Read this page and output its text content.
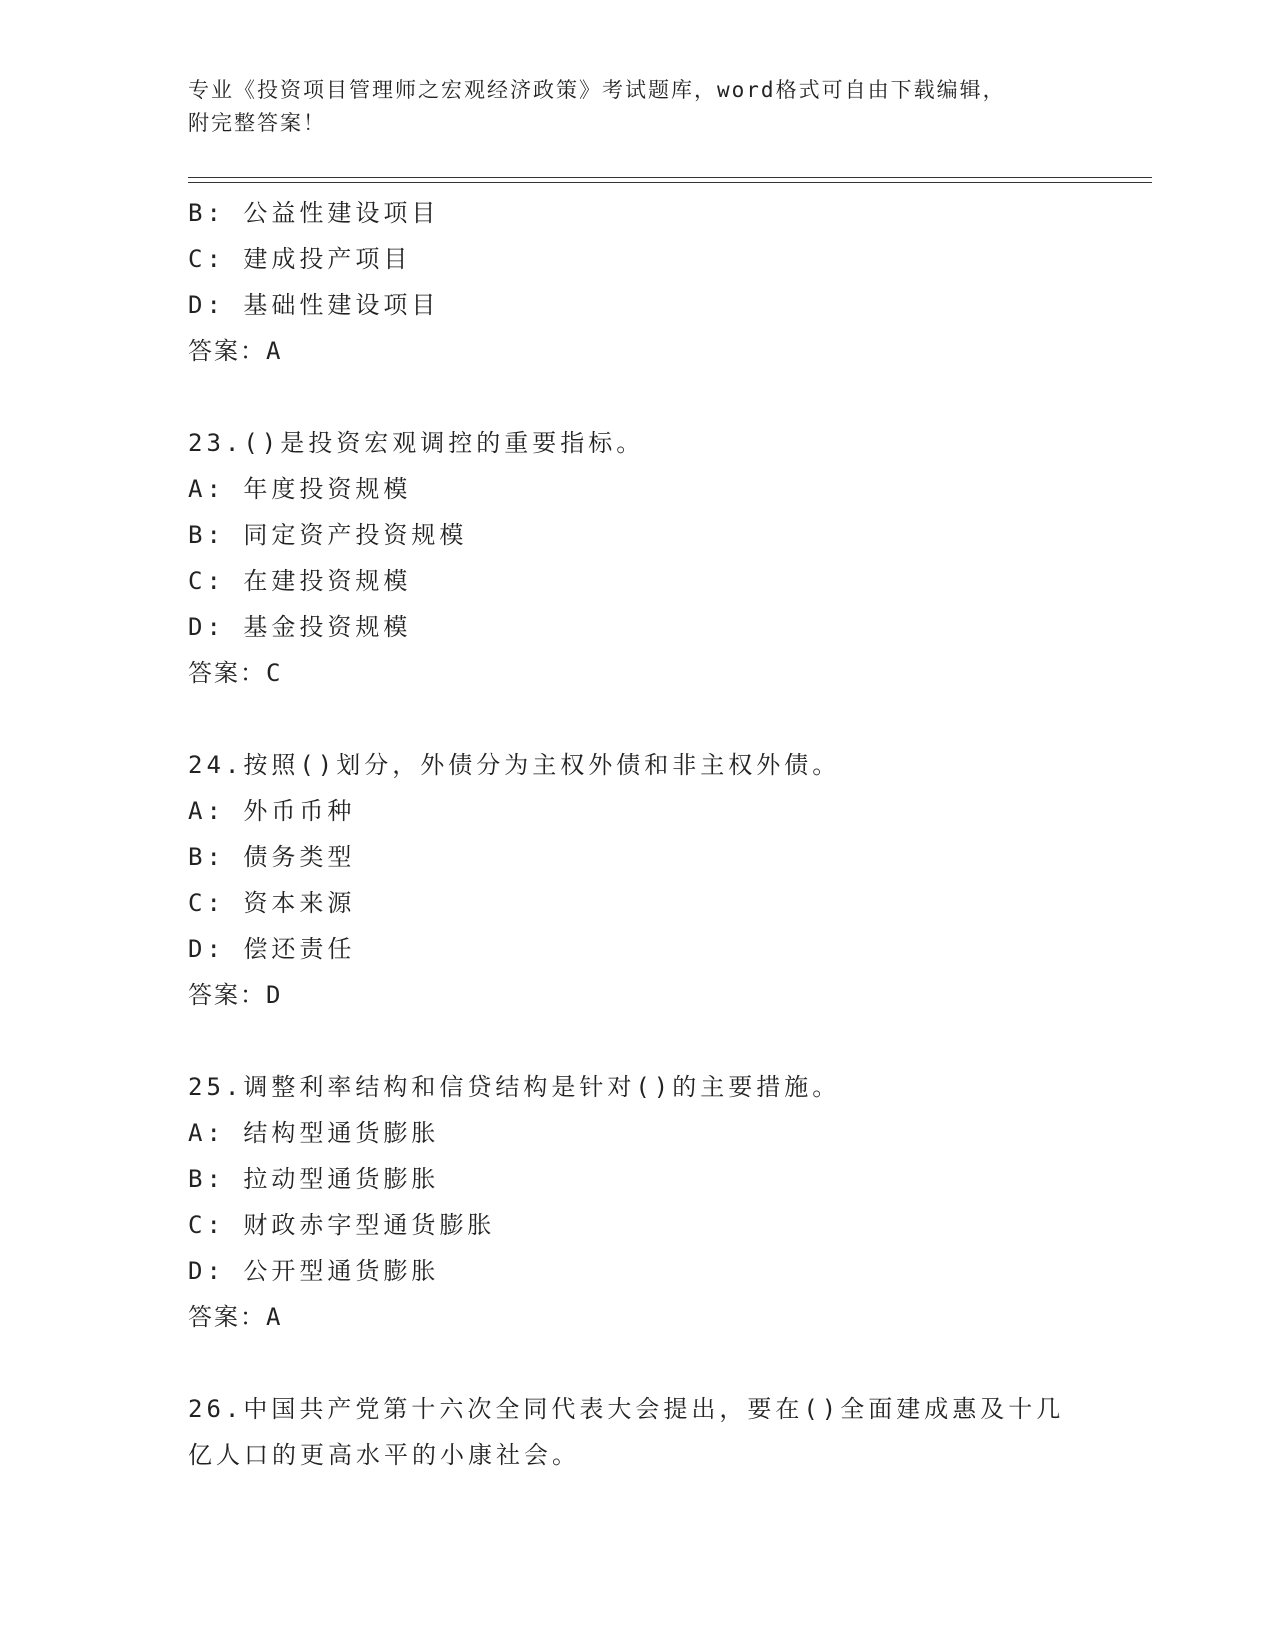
专业《投资项目管理师之宏观经济政策》考试题库，word格式可自由下载编辑，
附完整答案！
B: 公益性建设项目
C: 建成投产项目
D: 基础性建设项目
答案：A
23.()是投资宏观调控的重要指标。
A: 年度投资规模
B: 同定资产投资规模
C: 在建投资规模
D: 基金投资规模
答案：C
24.按照()划分，外债分为主权外债和非主权外债。
A: 外币币种
B: 债务类型
C: 资本来源
D: 偿还责任
答案：D
25.调整利率结构和信贷结构是针对()的主要措施。
A: 结构型通货膨胀
B: 拉动型通货膨胀
C: 财政赤字型通货膨胀
D: 公开型通货膨胀
答案：A
26.中国共产党第十六次全同代表大会提出，要在()全面建成惠及十几
亿人口的更高水平的小康社会。
